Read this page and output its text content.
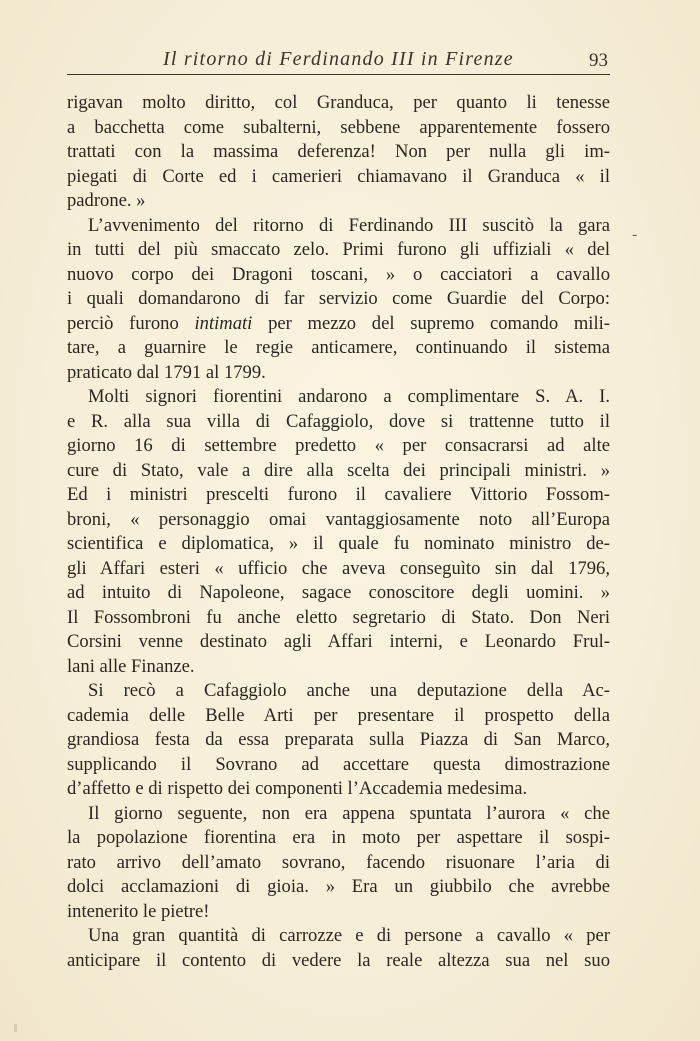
Il ritorno di Ferdinando III in Firenze	93
rigavan molto diritto, col Granduca, per quanto li tenesse
a bacchetta come subalterni, sebbene apparentemente fossero
trattati con la massima deferenza! Non per nulla gli im-
piegati di Corte ed i camerieri chiamavano il Granduca « il
padrone. »
L’avvenimento del ritorno di Ferdinando III suscitò la gara
in tutti del più smaccato zelo. Primi furono gli uffiziali « del
nuovo corpo dei Dragoni toscani, » o cacciatori a cavallo
i quali domandarono di far servizio come Guardie del Corpo:
perciò furono intimati per mezzo del supremo comando mili-
tare, a guarnire le regie anticamere, continuando il sistema
praticato dal 1791 al 1799.
Molti signori fiorentini andarono a complimentare S. A. I.
e R. alla sua villa di Cafaggiolo, dove si trattenne tutto il
giorno 16 di settembre predetto « per consacrarsi ad alte
cure di Stato, vale a dire alla scelta dei principali ministri. »
Ed i ministri prescelti furono il cavaliere Vittorio Fossom-
broni, « personaggio omai vantaggiosamente noto all’Europa
scientifica e diplomatica, » il quale fu nominato ministro de-
gli Affari esteri « ufficio che aveva conseguìto sin dal 1796,
ad intuito di Napoleone, sagace conoscitore degli uomini. »
Il Fossombroni fu anche eletto segretario di Stato. Don Neri
Corsini venne destinato agli Affari interni, e Leonardo Frul-
lani alle Finanze.
Si recò a Cafaggiolo anche una deputazione della Ac-
cademia delle Belle Arti per presentare il prospetto della
grandiosa festa da essa preparata sulla Piazza di San Marco,
supplicando il Sovrano ad accettare questa dimostrazione
d’affetto e di rispetto dei componenti l’Accademia medesima.
Il giorno seguente, non era appena spuntata l’aurora « che
la popolazione fiorentina era in moto per aspettare il sospi-
rato arrivo dell’amato sovrano, facendo risuonare l’aria di
dolci acclamazioni di gioia. » Era un giubbilo che avrebbe
intenerito le pietre!
Una gran quantità di carrozze e di persone a cavallo « per
anticipare il contento di vedere la reale altezza sua nel suo
-
